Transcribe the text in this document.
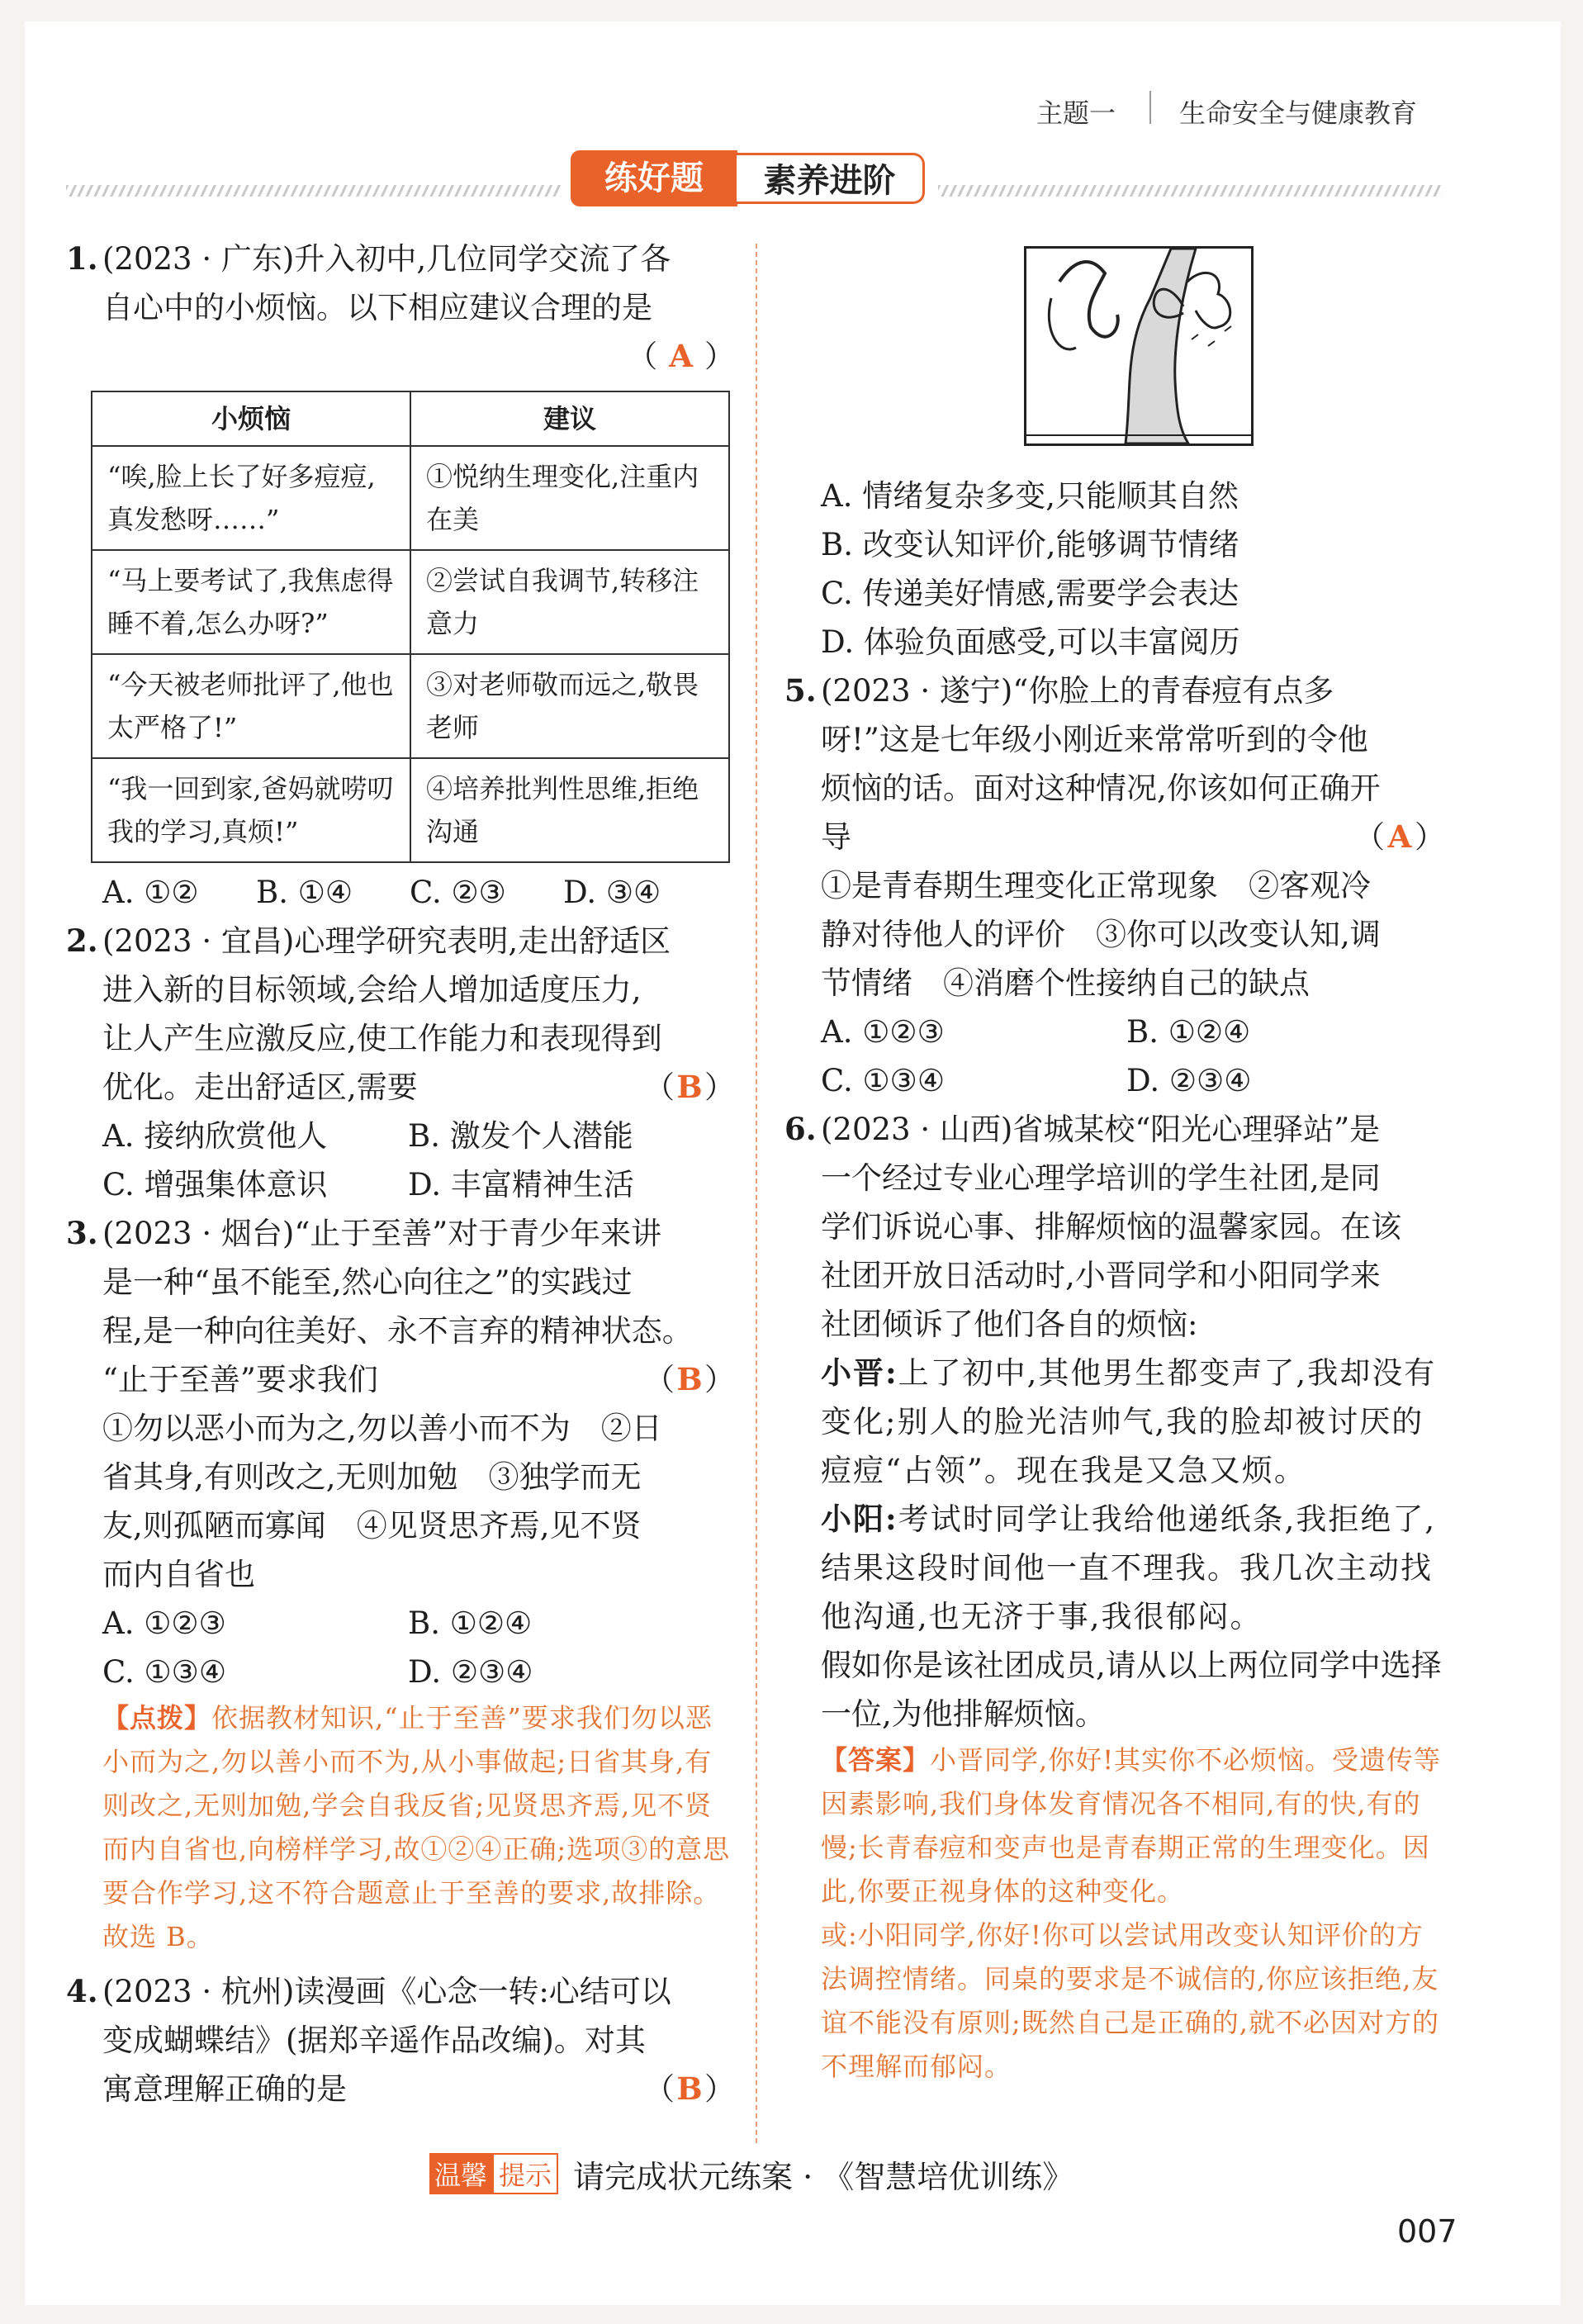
主题一 生命安全与健康教育
练好题	素养进阶
1. (2023 · 广东)升入初中,几位同学交流了各

自心中的小烦恼。以下相应建议合理的是

（ A ）

小烦恼	建议
“唉,脸上长了好多痘痘,真发愁呀……”	①悦纳生理变化,注重内在美
“马上要考试了,我焦虑得睡不着,怎么办呀?”	②尝试自我调节,转移注意力
“今天被老师批评了,他也太严格了!”	③对老师敬而远之,敬畏老师
“我一回到家,爸妈就唠叨我的学习,真烦!”	④培养批判性思维,拒绝沟通
A. ①②	B. ①④	C. ②③	D. ③④
2. (2023 · 宜昌)心理学研究表明,走出舒适区

进入新的目标领域,会给人增加适度压力,

让人产生应激反应,使工作能力和表现得到

优化。走出舒适区,需要	（B）

A. 接纳欣赏他人	B. 激发个人潜能
C. 增强集体意识	D. 丰富精神生活
3. (2023 · 烟台)“止于至善”对于青少年来讲

是一种“虽不能至,然心向往之”的实践过

程,是一种向往美好、永不言弃的精神状态。

“止于至善”要求我们	（B）

①勿以恶小而为之,勿以善小而不为　②日

省其身,有则改之,无则加勉　③独学而无

友,则孤陋而寡闻　④见贤思齐焉,见不贤

而内自省也

A. ①②③	B. ①②④
C. ①③④	D. ②③④
【点拨】依据教材知识,“止于至善”要求我们勿以恶小而为之,勿以善小而不为,从小事做起;日省其身,有则改之,无则加勉,学会自我反省;见贤思齐焉,见不贤而内自省也,向榜样学习,故①②④正确;选项③的意思要合作学习,这不符合题意止于至善的要求,故排除。故选 B。
4. (2023 · 杭州)读漫画《心念一转:心结可以

变成蝴蝶结》(据郑辛遥作品改编)。对其

寓意理解正确的是	（B）

A. 情绪复杂多变,只能顺其自然
B. 改变认知评价,能够调节情绪
C. 传递美好情感,需要学会表达
D. 体验负面感受,可以丰富阅历
5. (2023 · 遂宁)“你脸上的青春痘有点多

呀!”这是七年级小刚近来常常听到的令他

烦恼的话。面对这种情况,你该如何正确开

导	（A）

①是青春期生理变化正常现象　②客观冷

静对待他人的评价　③你可以改变认知,调

节情绪　④消磨个性接纳自己的缺点

A. ①②③	B. ①②④
C. ①③④	D. ②③④
6. (2023 · 山西)省城某校“阳光心理驿站”是

一个经过专业心理学培训的学生社团,是同

学们诉说心事、排解烦恼的温馨家园。在该

社团开放日活动时,小晋同学和小阳同学来

社团倾诉了他们各自的烦恼:

小晋:上了初中,其他男生都变声了,我却没有变化;别人的脸光洁帅气,我的脸却被讨厌的痘痘“占领”。现在我是又急又烦。

小阳:考试时同学让我给他递纸条,我拒绝了,结果这段时间他一直不理我。我几次主动找他沟通,也无济于事,我很郁闷。

假如你是该社团成员,请从以上两位同学中选择一位,为他排解烦恼。

【答案】小晋同学,你好!其实你不必烦恼。受遗传等因素影响,我们身体发育情况各不相同,有的快,有的慢;长青春痘和变声也是青春期正常的生理变化。因此,你要正视身体的这种变化。
或:小阳同学,你好!你可以尝试用改变认知评价的方法调控情绪。同桌的要求是不诚信的,你应该拒绝,友谊不能没有原则;既然自己是正确的,就不必因对方的不理解而郁闷。
温馨 提示 请完成状元练案 · 《智慧培优训练》
007
